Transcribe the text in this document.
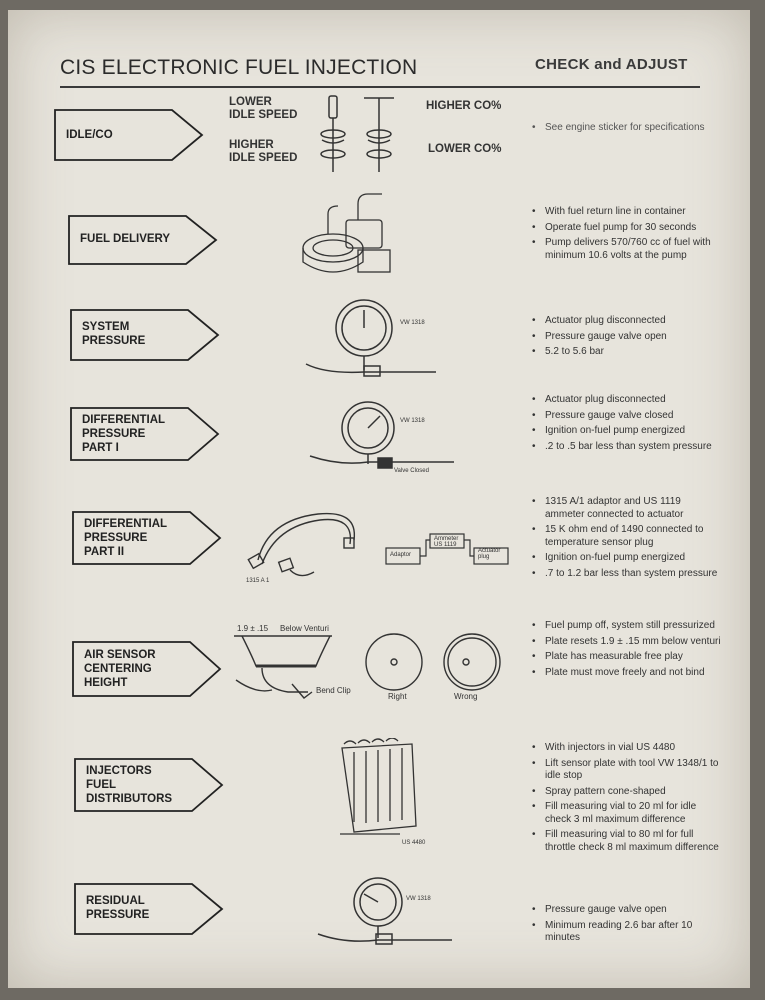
CIS ELECTRONIC FUEL INJECTION	CHECK and ADJUST
IDLE/CO
FUEL DELIVERY
SYSTEM
PRESSURE
DIFFERENTIAL
PRESSURE
PART I
DIFFERENTIAL
PRESSURE
PART II
AIR SENSOR
CENTERING
HEIGHT
INJECTORS
FUEL
DISTRIBUTORS
RESIDUAL
PRESSURE
LOWER
IDLE SPEED
HIGHER
IDLE SPEED
HIGHER CO%
LOWER CO%
• See engine sticker for specifications
• With fuel return line in container
• Operate fuel pump for 30 seconds
• Pump delivers 570/760 cc of fuel with minimum 10.6 volts at the pump
VW 1318
•	Actuator plug disconnected
• Pressure gauge valve open
• 5.2 to 5.6 bar
VW 1318
Valve Closed
• Actuator plug disconnected
• Pressure gauge valve closed
• Ignition on-fuel pump energized
• .2 to .5 bar less than system pressure
1315 A 1
Adaptor
Ammeter
US 1119
Actuator
plug
• 1315 A/1 adaptor and US 1119 ammeter connected to actuator
• 15 K ohm end of 1490 connected to temperature sensor plug
• Ignition on-fuel pump energized
• .7 to 1.2 bar less than system pressure
1.9 ± .15 Below Venturi
Bend Clip
Right	Wrong
• Fuel pump off, system still pressurized
• Plate resets 1.9 ± .15 mm below venturi
• Plate has measurable free play
• Plate must move freely and not bind
US 4480
• With injectors in vial US 4480
• Lift sensor plate with tool VW 1348/1 to idle stop
• Spray pattern cone-shaped
• Fill measuring vial to 20 ml for idle check 3 ml maximum difference
• Fill measuring vial to 80 ml for full throttle check 8 ml maximum difference
VW 1318
• Pressure gauge valve open
• Minimum reading 2.6 bar after 10 minutes
